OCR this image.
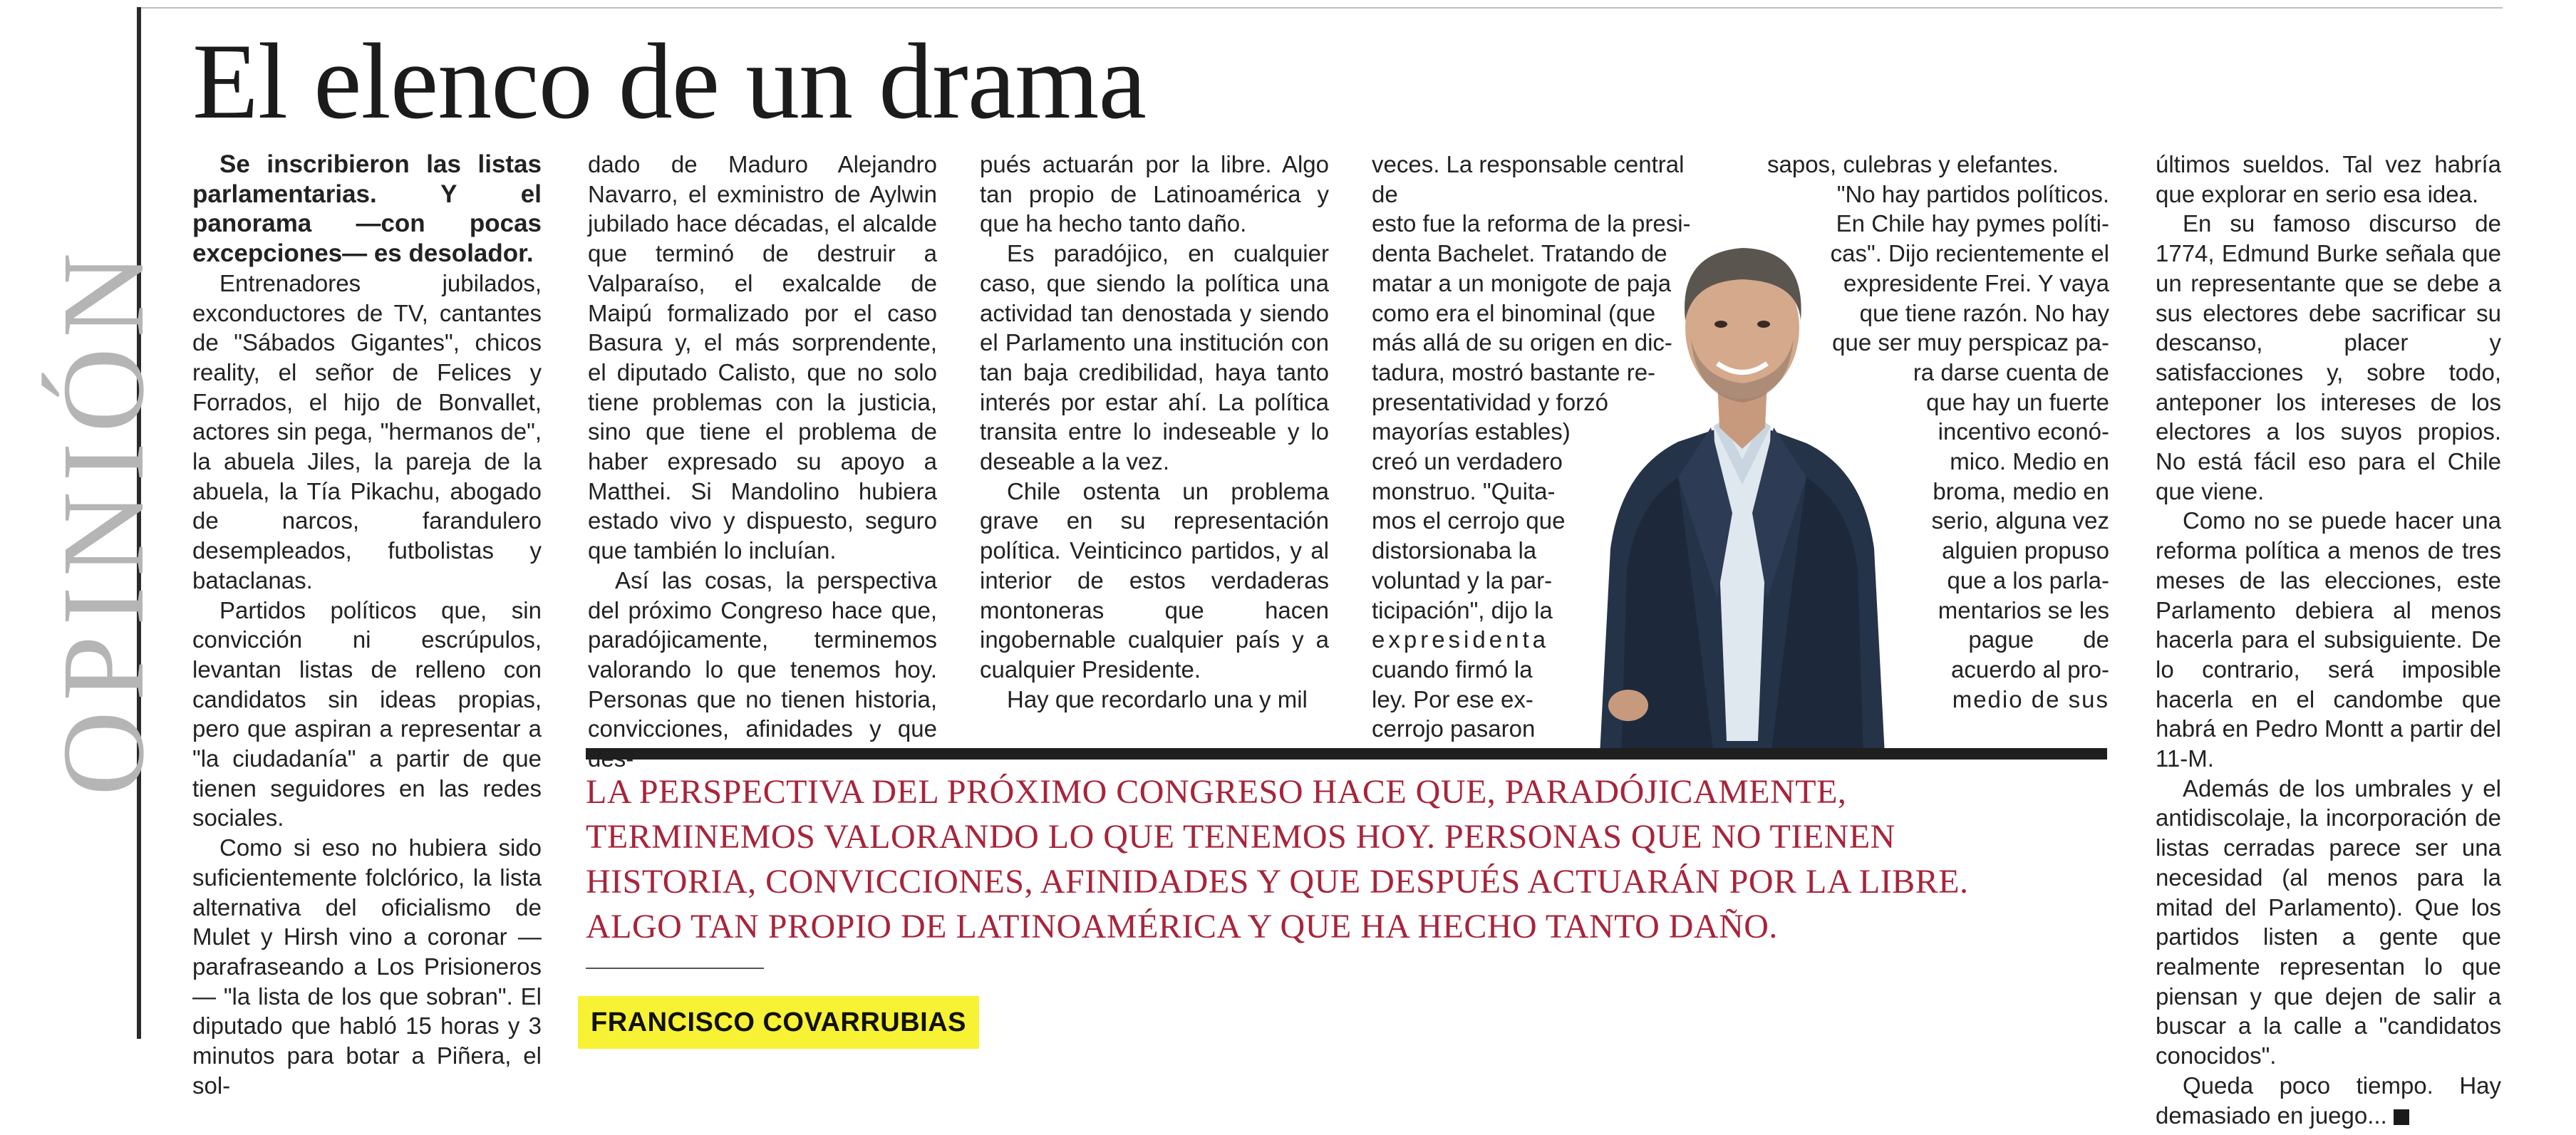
OPINIÓN
El elenco de un drama

Se inscribieron las listas parlamentarias. Y el panorama —con pocas excepciones— es desolador.

Entrenadores jubilados, exconductores de TV, cantantes de "Sábados Gigantes", chicos reality, el señor de Felices y Forrados, el hijo de Bonvallet, actores sin pega, "hermanos de", la abuela Jiles, la pareja de la abuela, la Tía Pikachu, abogado de narcos, farandulero desempleados, futbolistas y bataclanas.

Partidos políticos que, sin convicción ni escrúpulos, levantan listas de relleno con candidatos sin ideas propias, pero que aspiran a representar a "la ciudadanía" a partir de que tienen seguidores en las redes sociales.

Como si eso no hubiera sido suficientemente folclórico, la lista alternativa del oficialismo de Mulet y Hirsh vino a coronar —parafraseando a Los Prisioneros— "la lista de los que sobran". El diputado que habló 15 horas y 3 minutos para botar a Piñera, el sol-

dado de Maduro Alejandro Navarro, el exministro de Aylwin jubilado hace décadas, el alcalde que terminó de destruir a Valparaíso, el exalcalde de Maipú formalizado por el caso Basura y, el más sorprendente, el diputado Calisto, que no solo tiene problemas con la justicia, sino que tiene el problema de haber expresado su apoyo a Matthei. Si Mandolino hubiera estado vivo y dispuesto, seguro que también lo incluían.

Así las cosas, la perspectiva del próximo Congreso hace que, paradójicamente, terminemos valorando lo que tenemos hoy. Personas que no tienen historia, convicciones, afinidades y que

pués actuarán por la libre. Algo tan propio de Latinoamérica y que ha hecho tanto daño.

Es paradójico, en cualquier caso, que siendo la política una actividad tan denostada y siendo el Parlamento una institución con tan baja credibilidad, haya tanto interés por estar ahí. La política transita entre lo indeseable y lo deseable a la vez.

Chile ostenta un problema grave en su representación política. Veinticinco partidos, y al interior de estos verdaderas montoneras que hacen ingobernable cualquier país y a cualquier Presidente.

Hay que recordarlo una y mil

veces. La responsable central de
esto fue la reforma de la presi-
denta Bachelet. Tratando de
matar a un monigote de paja
como era el binominal (que
más allá de su origen en dic-
tadura, mostró bastante re-
presentatividad y forzó
mayorías estables)
creó un verdadero
monstruo. "Quita-
mos el cerrojo que
distorsionaba la
voluntad y la par-
ticipación", dijo la
expresidenta
cuando firmó la
ley. Por ese ex-
cerrojo pasaron
sapos, culebras y elefantes.
"No hay partidos políticos.
En Chile hay pymes políti-
cas". Dijo recientemente el
expresidente Frei. Y vaya
que tiene razón. No hay
que ser muy perspicaz pa-
ra darse cuenta de
que hay un fuerte
incentivo econó-
mico. Medio en
broma, medio en
serio, alguna vez
alguien propuso
que a los parla-
mentarios se les
pague de
acuerdo al pro-
medio de sus

últimos sueldos. Tal vez habría que explorar en serio esa idea.

En su famoso discurso de 1774, Edmund Burke señala que un representante que se debe a sus electores debe sacrificar su descanso, placer y satisfacciones y, sobre todo, anteponer los intereses de los electores a los suyos propios. No está fácil eso para el Chile que viene.

Como no se puede hacer una reforma política a menos de tres meses de las elecciones, este Parlamento debiera al menos hacerla para el subsiguiente. De lo contrario, será imposible hacerla en el candombe que habrá en Pedro Montt a partir del 11-M.

Además de los umbrales y el antidiscolaje, la incorporación de listas cerradas parece ser una necesidad (al menos para la mitad del Parlamento). Que los partidos listen a gente que realmente representan lo que piensan y que dejen de salir a buscar a la calle a "candidatos conocidos".

Queda poco tiempo. Hay demasiado en juego...

LA PERSPECTIVA DEL PRÓXIMO CONGRESO HACE QUE, PARADÓJICAMENTE,
TERMINEMOS VALORANDO LO QUE TENEMOS HOY. PERSONAS QUE NO TIENEN
HISTORIA, CONVICCIONES, AFINIDADES Y QUE DESPUÉS ACTUARÁN POR LA LIBRE.
ALGO TAN PROPIO DE LATINOAMÉRICA Y QUE HA HECHO TANTO DAÑO.
FRANCISCO COVARRUBIAS
